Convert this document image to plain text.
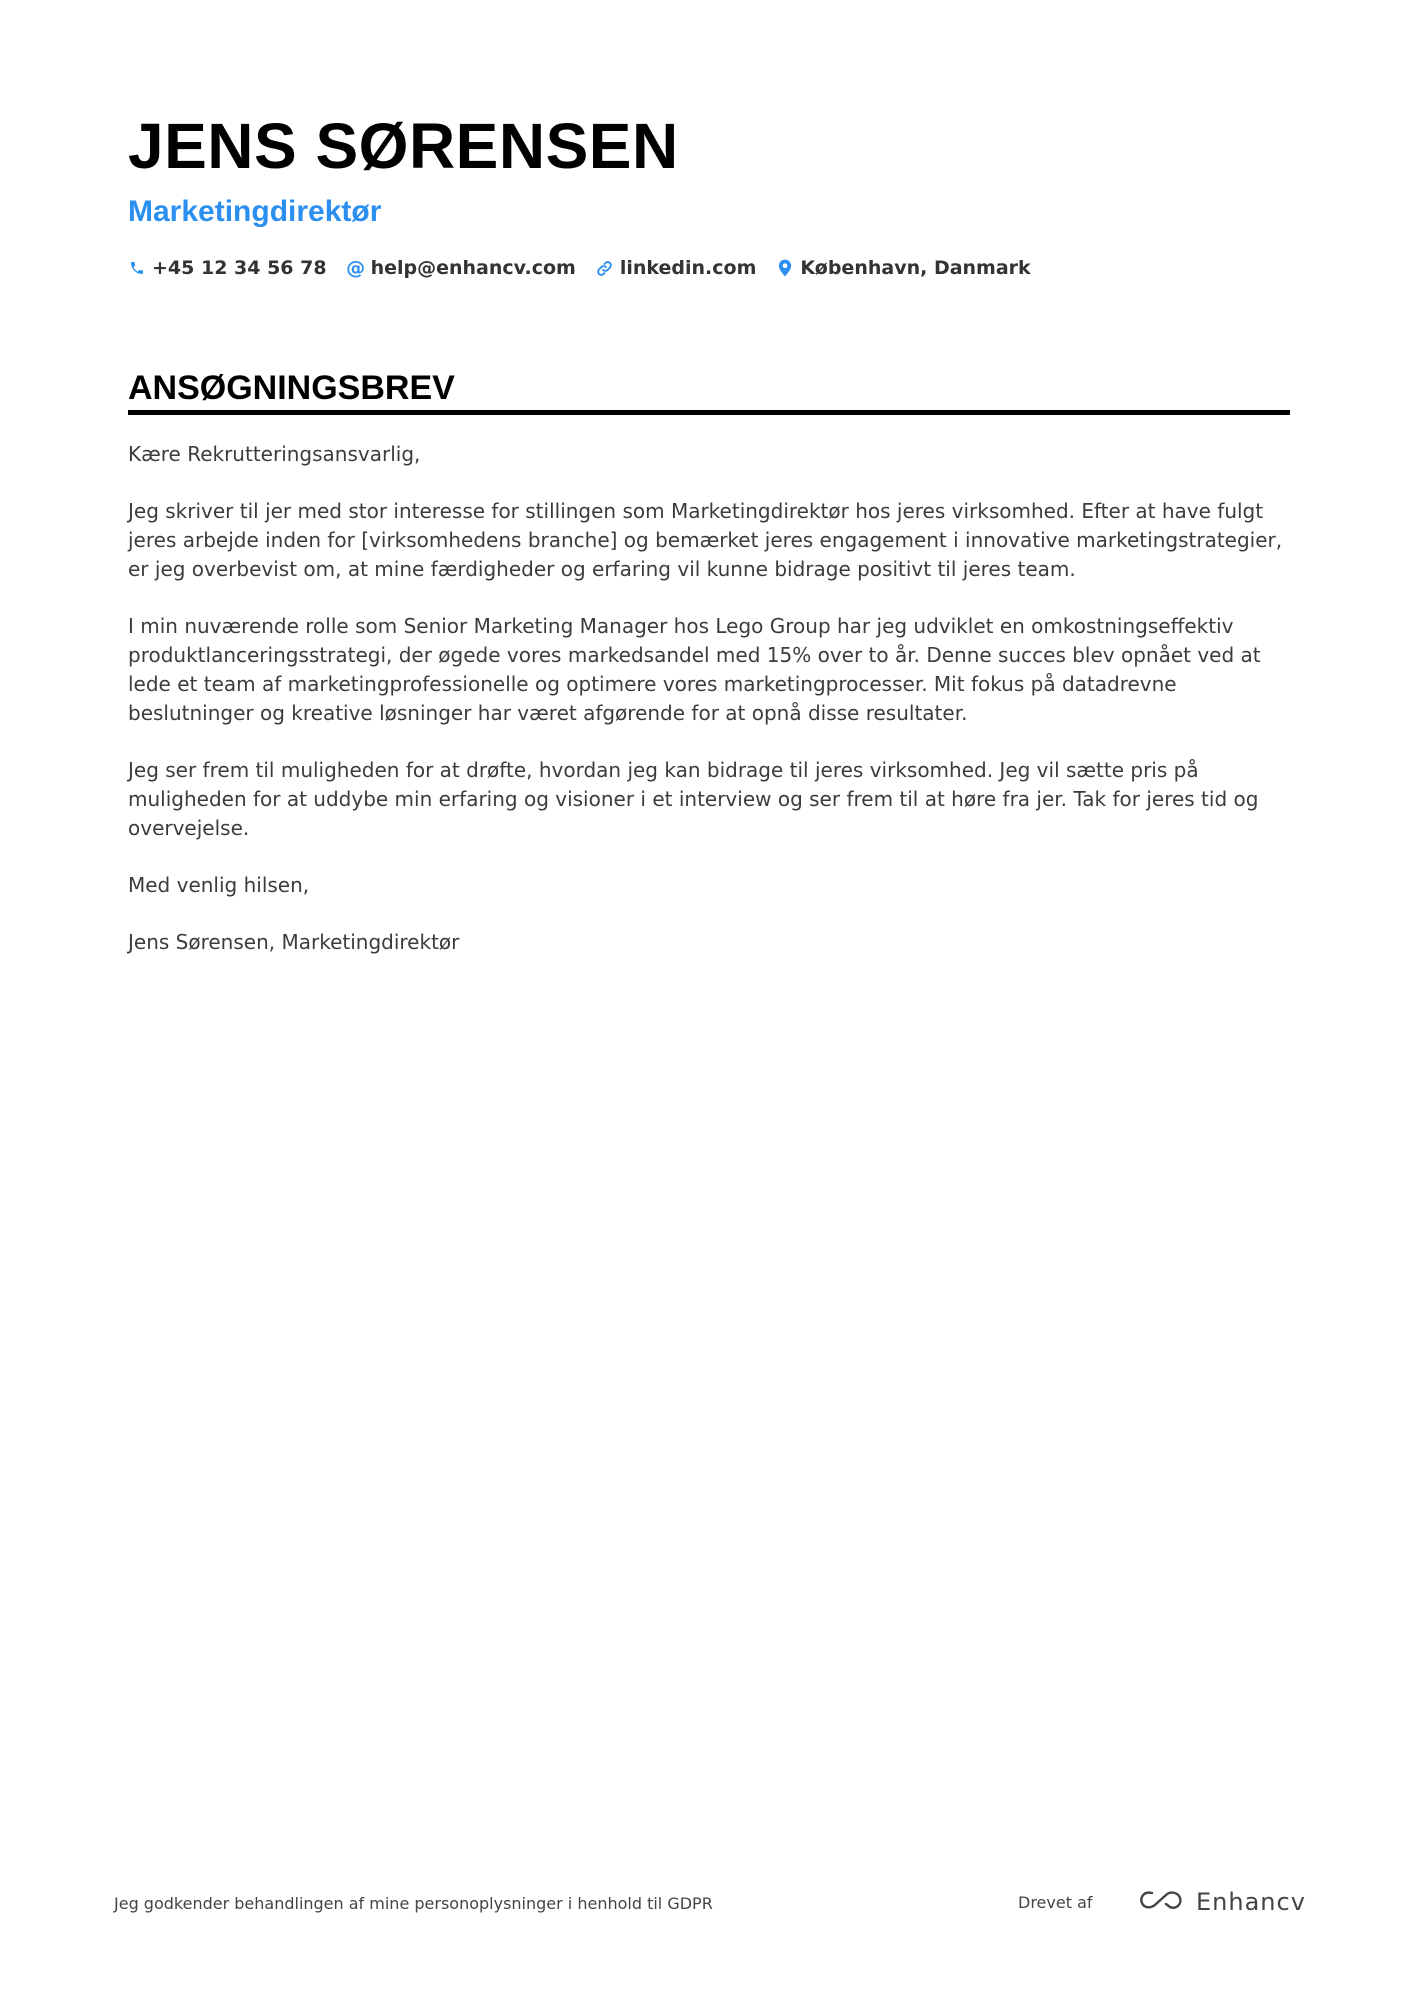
JENS SØRENSEN
Marketingdirektør
+45 12 34 56 78 @ help@enhancv.com linkedin.com København, Danmark
ANSØGNINGSBREV

Kære Rekrutteringsansvarlig,

Jeg skriver til jer med stor interesse for stillingen som Marketingdirektør hos jeres virksomhed. Efter at have fulgt jeres arbejde inden for [virksomhedens branche] og bemærket jeres engagement i innovative marketingstrategier, er jeg overbevist om, at mine færdigheder og erfaring vil kunne bidrage positivt til jeres team.

I min nuværende rolle som Senior Marketing Manager hos Lego Group har jeg udviklet en omkostningseffektiv produktlanceringsstrategi, der øgede vores markedsandel med 15% over to år. Denne succes blev opnået ved at lede et team af marketingprofessionelle og optimere vores marketingprocesser. Mit fokus på datadrevne beslutninger og kreative løsninger har været afgørende for at opnå disse resultater.

Jeg ser frem til muligheden for at drøfte, hvordan jeg kan bidrage til jeres virksomhed. Jeg vil sætte pris på muligheden for at uddybe min erfaring og visioner i et interview og ser frem til at høre fra jer. Tak for jeres tid og overvejelse.

Med venlig hilsen,

Jens Sørensen, Marketingdirektør

Jeg godkender behandlingen af mine personoplysninger i henhold til GDPR	Drevet af	Enhancv
